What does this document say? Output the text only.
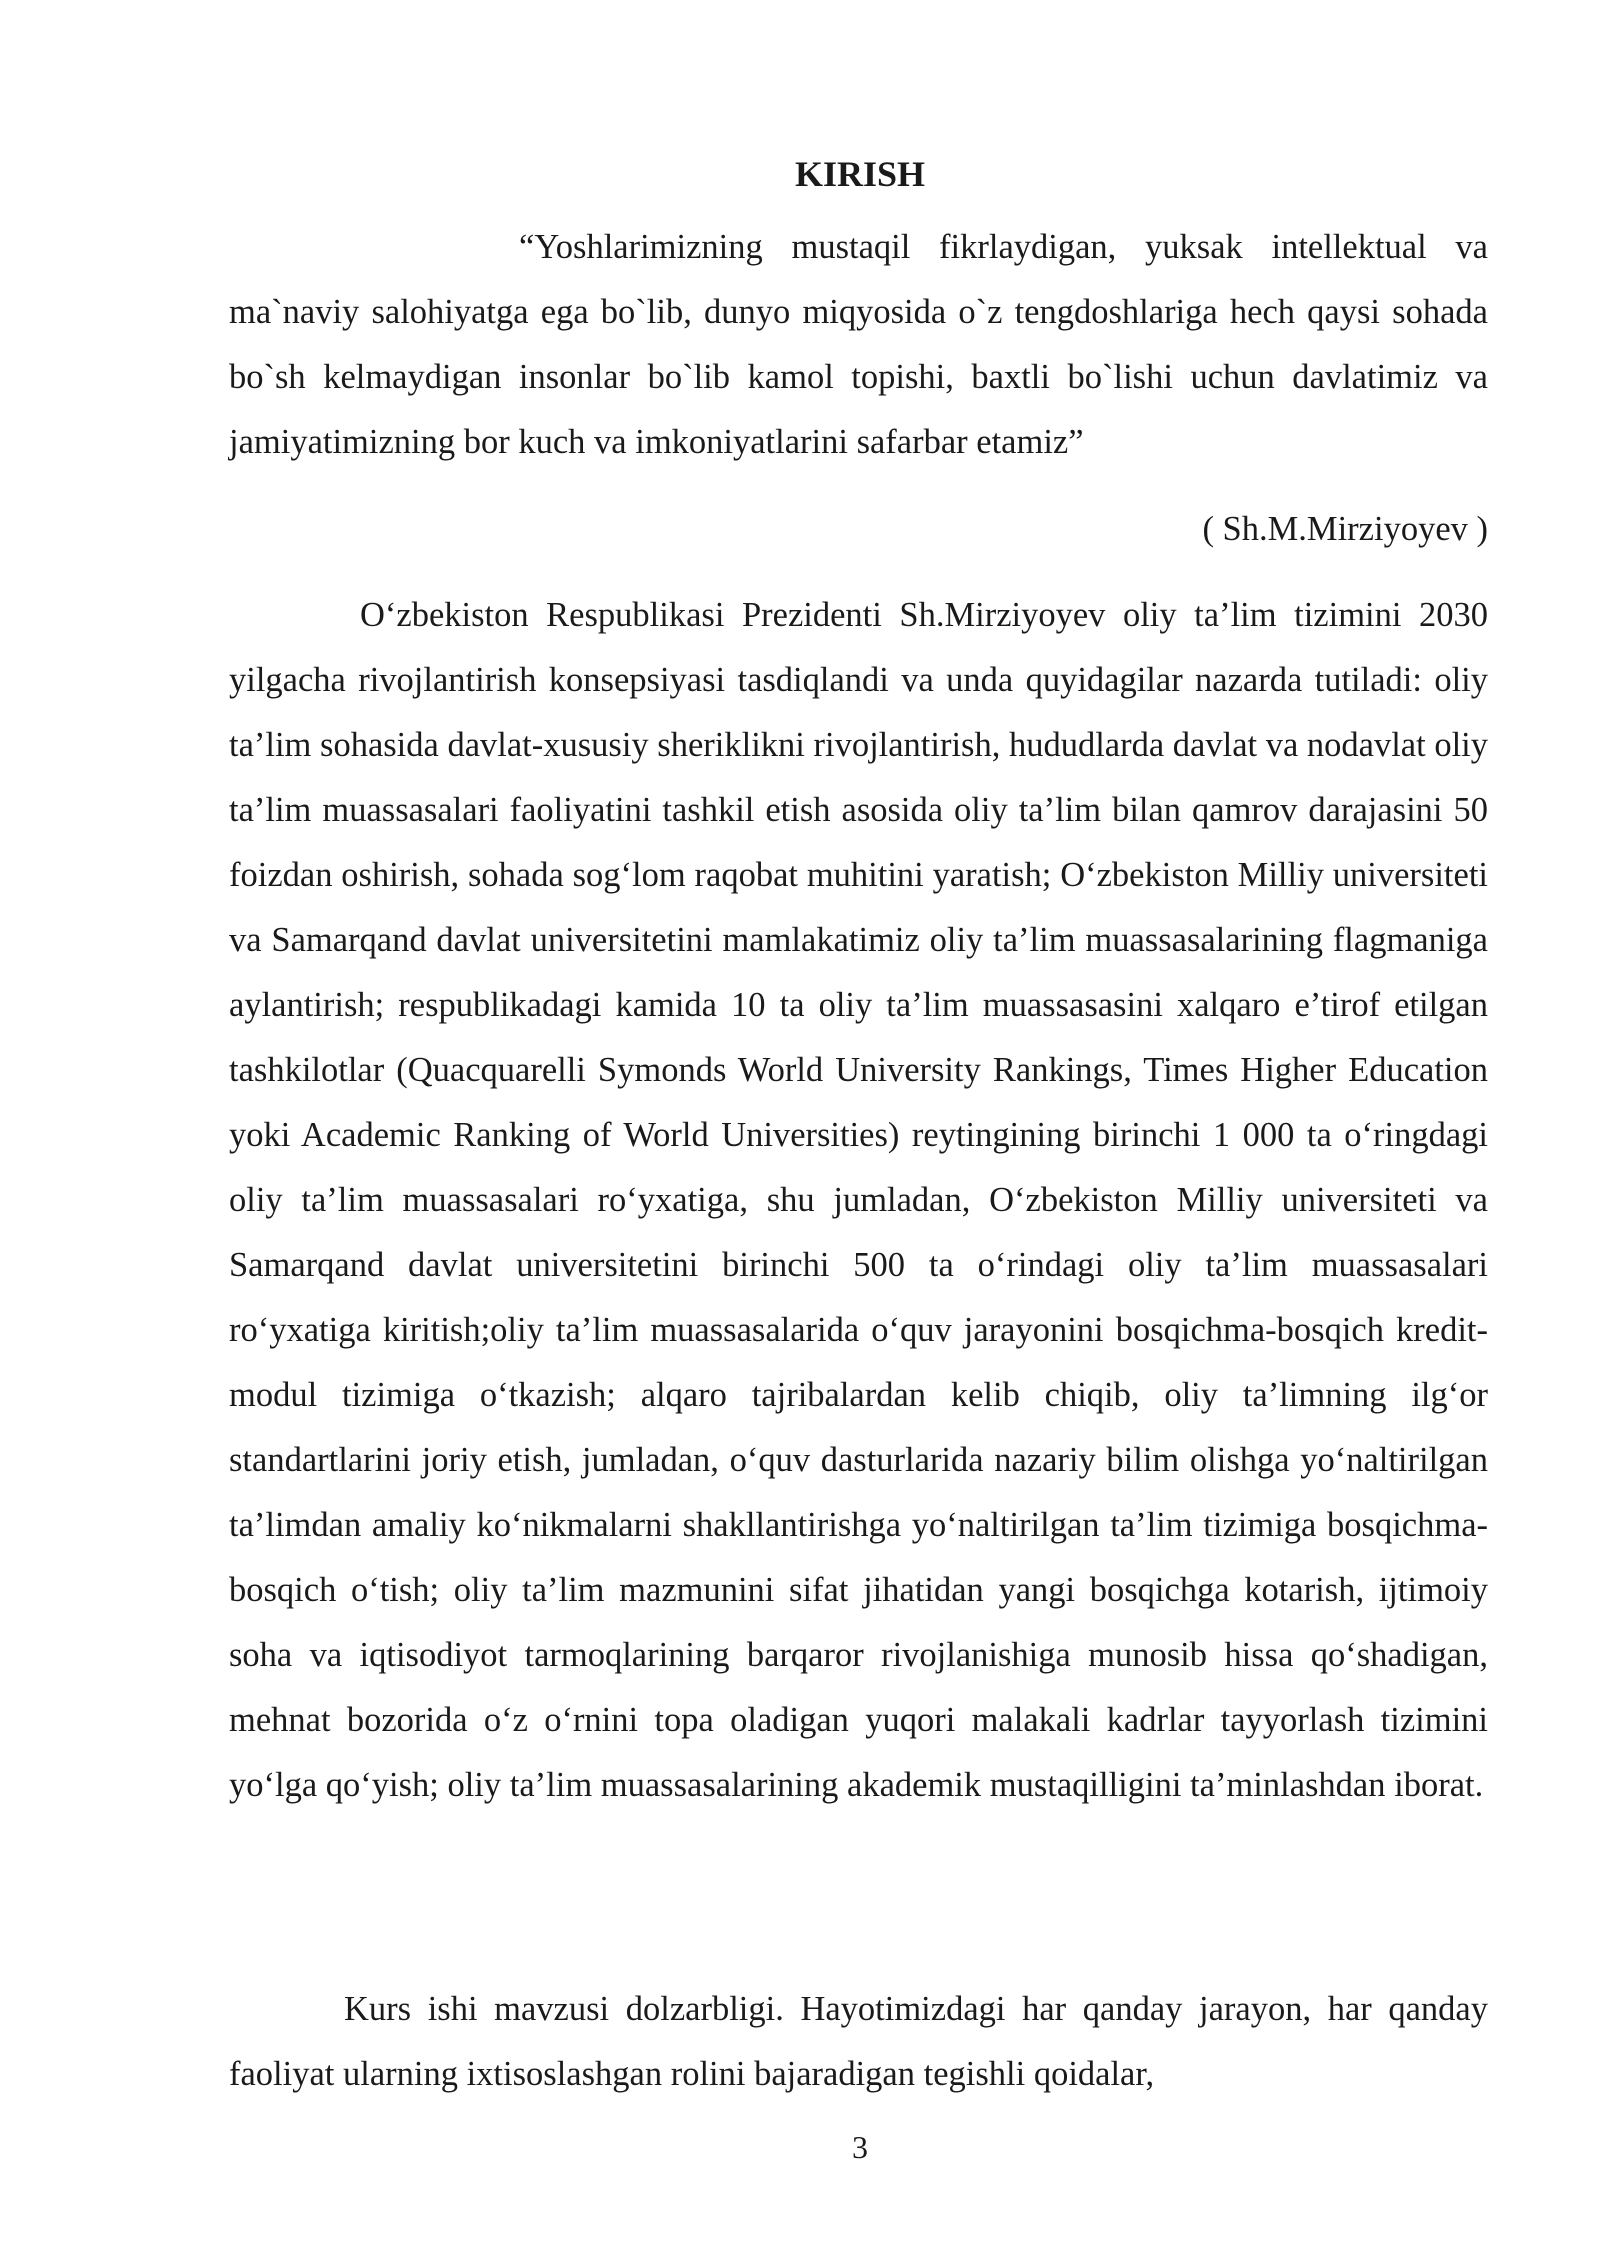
KIRISH

“Yoshlarimizning mustaqil fikrlaydigan, yuksak intellektual va ma`naviy salohiyatga ega bo`lib, dunyo miqyosida o`z tengdoshlariga hech qaysi sohada bo`sh kelmaydigan insonlar bo`lib kamol topishi, baxtli bo`lishi uchun davlatimiz va jamiyatimizning bor kuch va imkoniyatlarini safarbar etamiz”

( Sh.M.Mirziyoyev )

O‘zbekiston Respublikasi Prezidenti Sh.Mirziyoyev oliy ta’lim tizimini 2030 yilgacha rivojlantirish konsepsiyasi tasdiqlandi va unda quyidagilar nazarda tutiladi: oliy ta’lim sohasida davlat-xususiy sheriklikni rivojlantirish, hududlarda davlat va nodavlat oliy ta’lim muassasalari faoliyatini tashkil etish asosida oliy ta’lim bilan qamrov darajasini 50 foizdan oshirish, sohada sog‘lom raqobat muhitini yaratish; O‘zbekiston Milliy universiteti va Samarqand davlat universitetini mamlakatimiz oliy ta’lim muassasalarining flagmaniga aylantirish; respublikadagi kamida 10 ta oliy ta’lim muassasasini xalqaro e’tirof etilgan tashkilotlar (Quacquarelli Symonds World University Rankings, Times Higher Education yoki Academic Ranking of World Universities) reytingining birinchi 1 000 ta o‘ringdagi oliy ta’lim muassasalari ro‘yxatiga, shu jumladan, O‘zbekiston Milliy universiteti va Samarqand davlat universitetini birinchi 500 ta o‘rindagi oliy ta’lim muassasalari ro‘yxatiga kiritish;oliy ta’lim muassasalarida o‘quv jarayonini bosqichma-bosqich kredit-modul tizimiga o‘tkazish; alqaro tajribalardan kelib chiqib, oliy ta’limning ilg‘or standartlarini joriy etish, jumladan, o‘quv dasturlarida nazariy bilim olishga yo‘naltirilgan ta’limdan amaliy ko‘nikmalarni shakllantirishga yo‘naltirilgan ta’lim tizimiga bosqichma-bosqich o‘tish; oliy ta’lim mazmunini sifat jihatidan yangi bosqichga kotarish, ijtimoiy soha va iqtisodiyot tarmoqlarining barqaror rivojlanishiga munosib hissa qo‘shadigan, mehnat bozorida o‘z o‘rnini topa oladigan yuqori malakali kadrlar tayyorlash tizimini yo‘lga qo‘yish; oliy ta’lim muassasalarining akademik mustaqilligini ta’minlashdan iborat.

Kurs ishi mavzusi dolzarbligi. Hayotimizdagi har qanday jarayon, har qanday faoliyat ularning ixtisoslashgan rolini bajaradigan tegishli qoidalar,

3
